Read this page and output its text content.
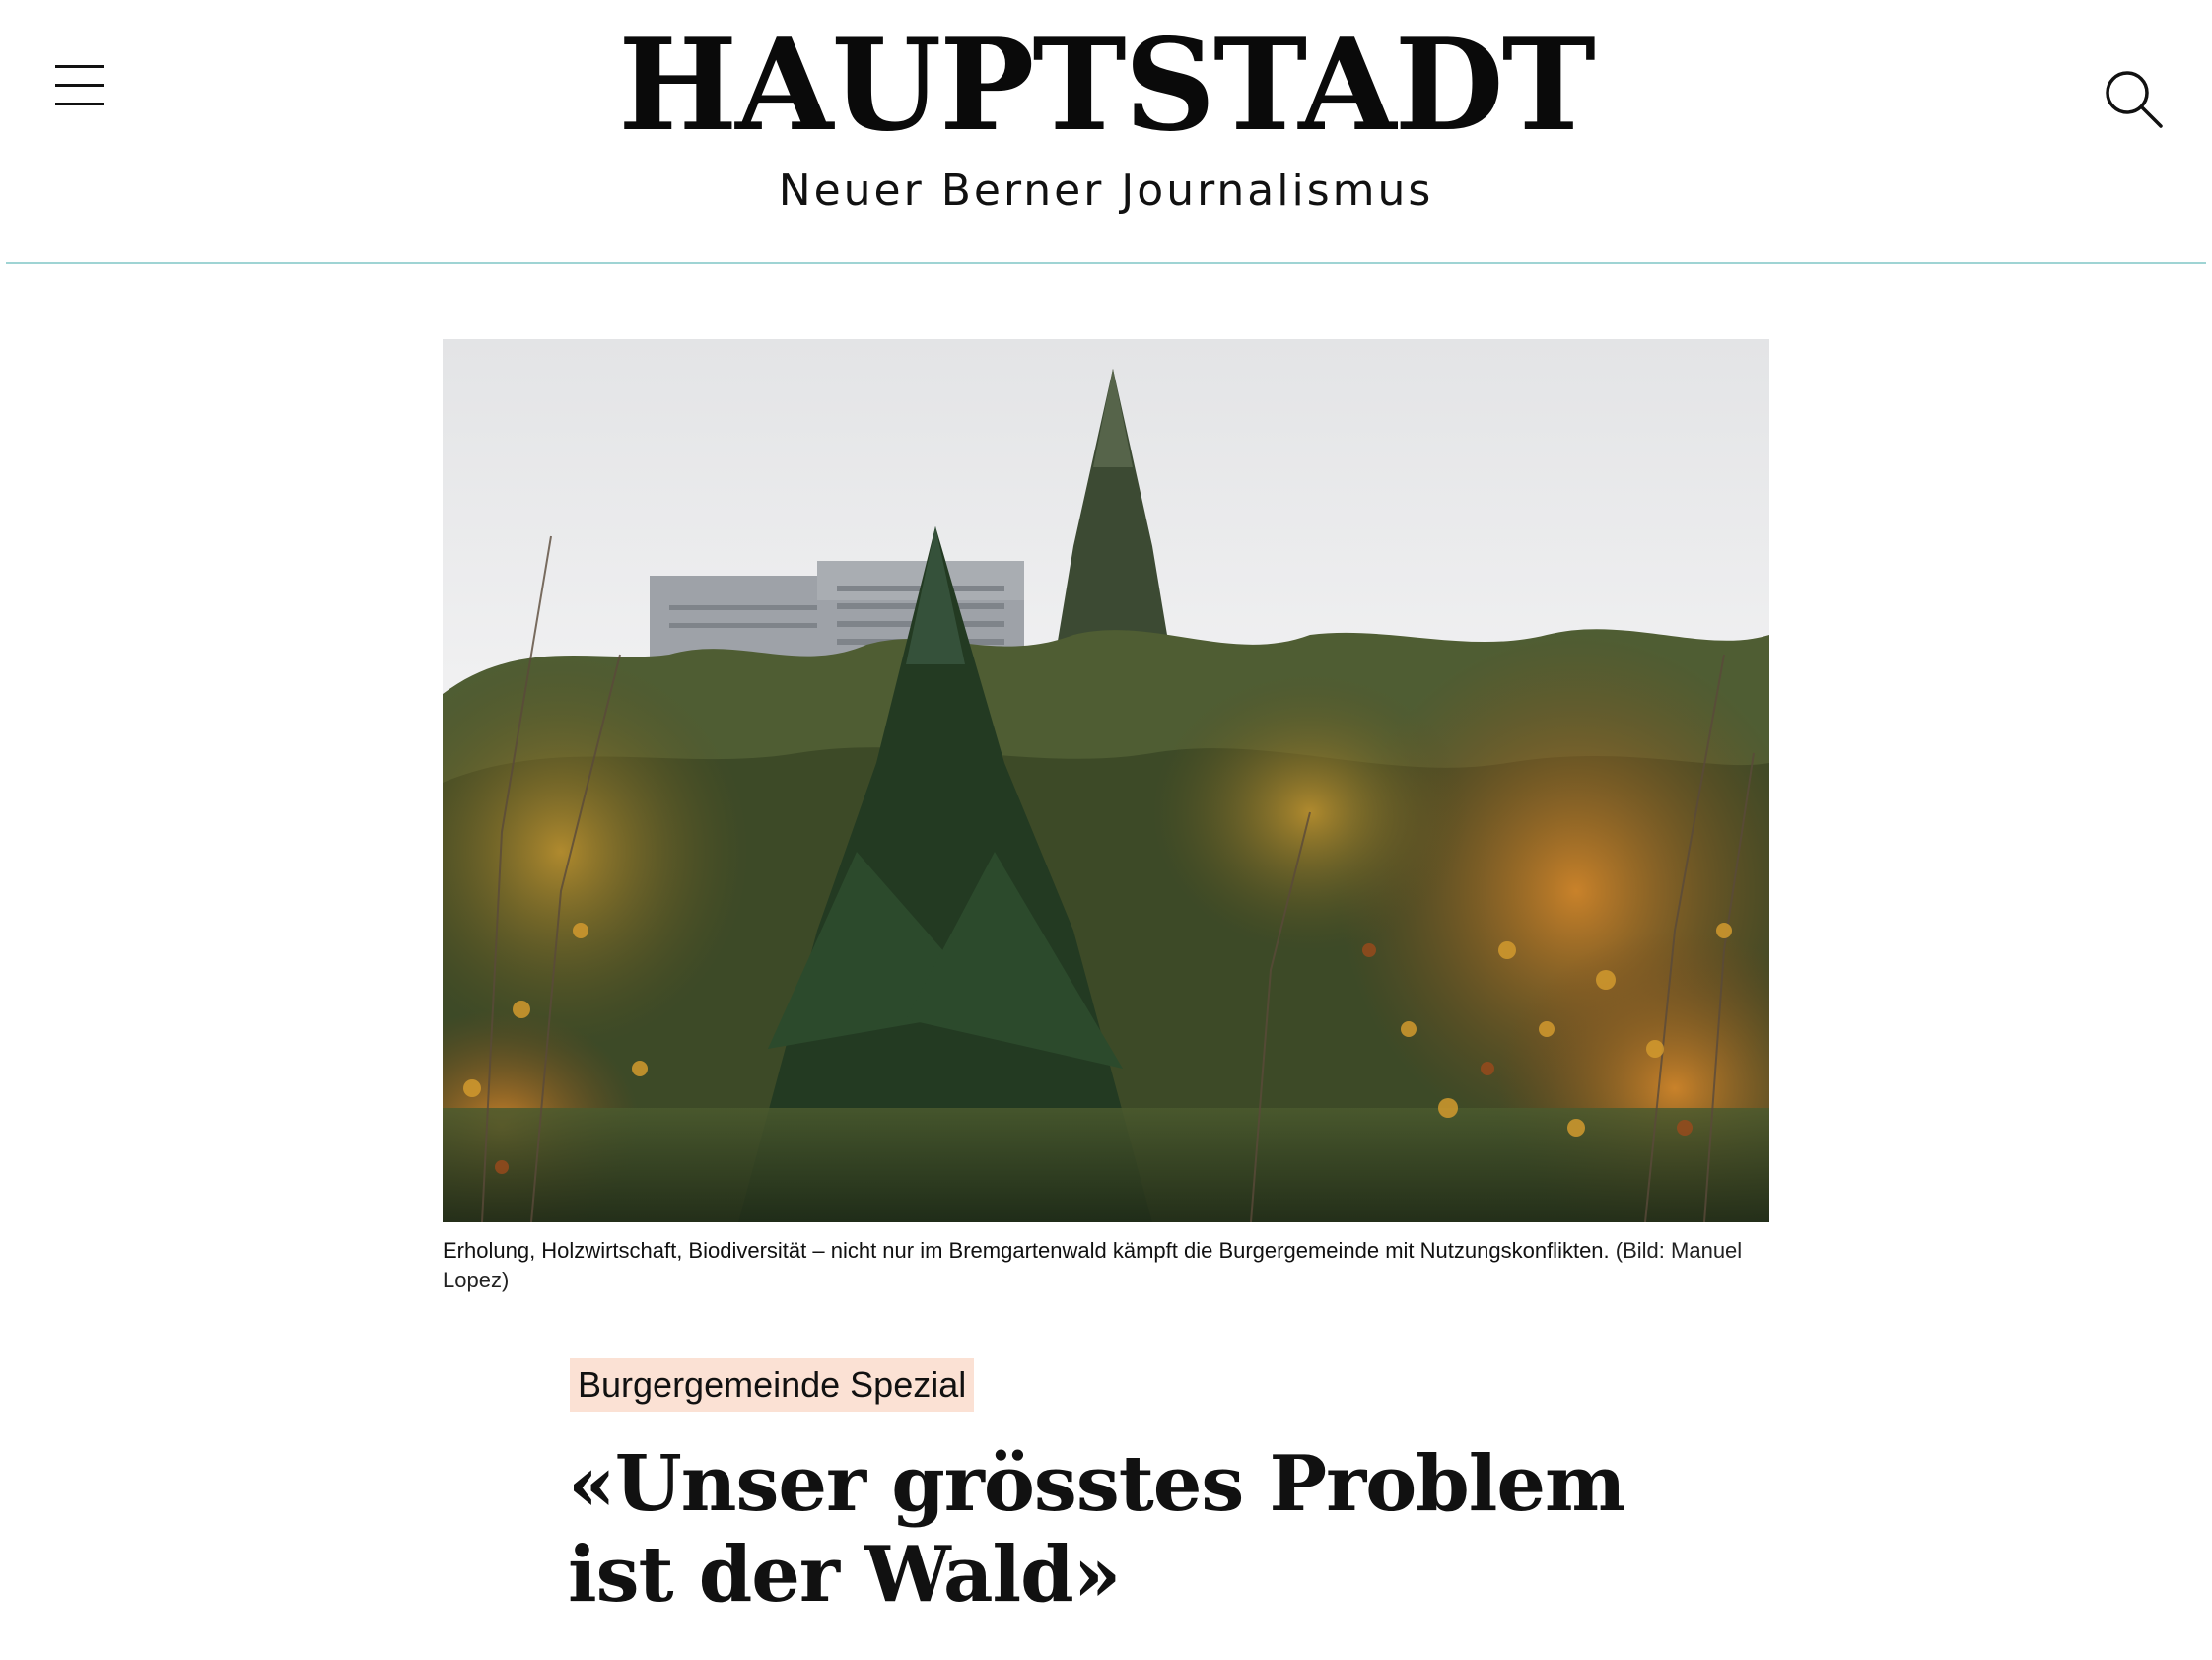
HAUPTSTADT
Neuer Berner Journalismus
Erholung, Holzwirtschaft, Biodiversität – nicht nur im Bremgartenwald kämpft die Burgergemeinde mit Nutzungskonflikten. (Bild: Manuel Lopez)
Burgergemeinde Spezial
«Unser grösstes Problem ist der Wald»
